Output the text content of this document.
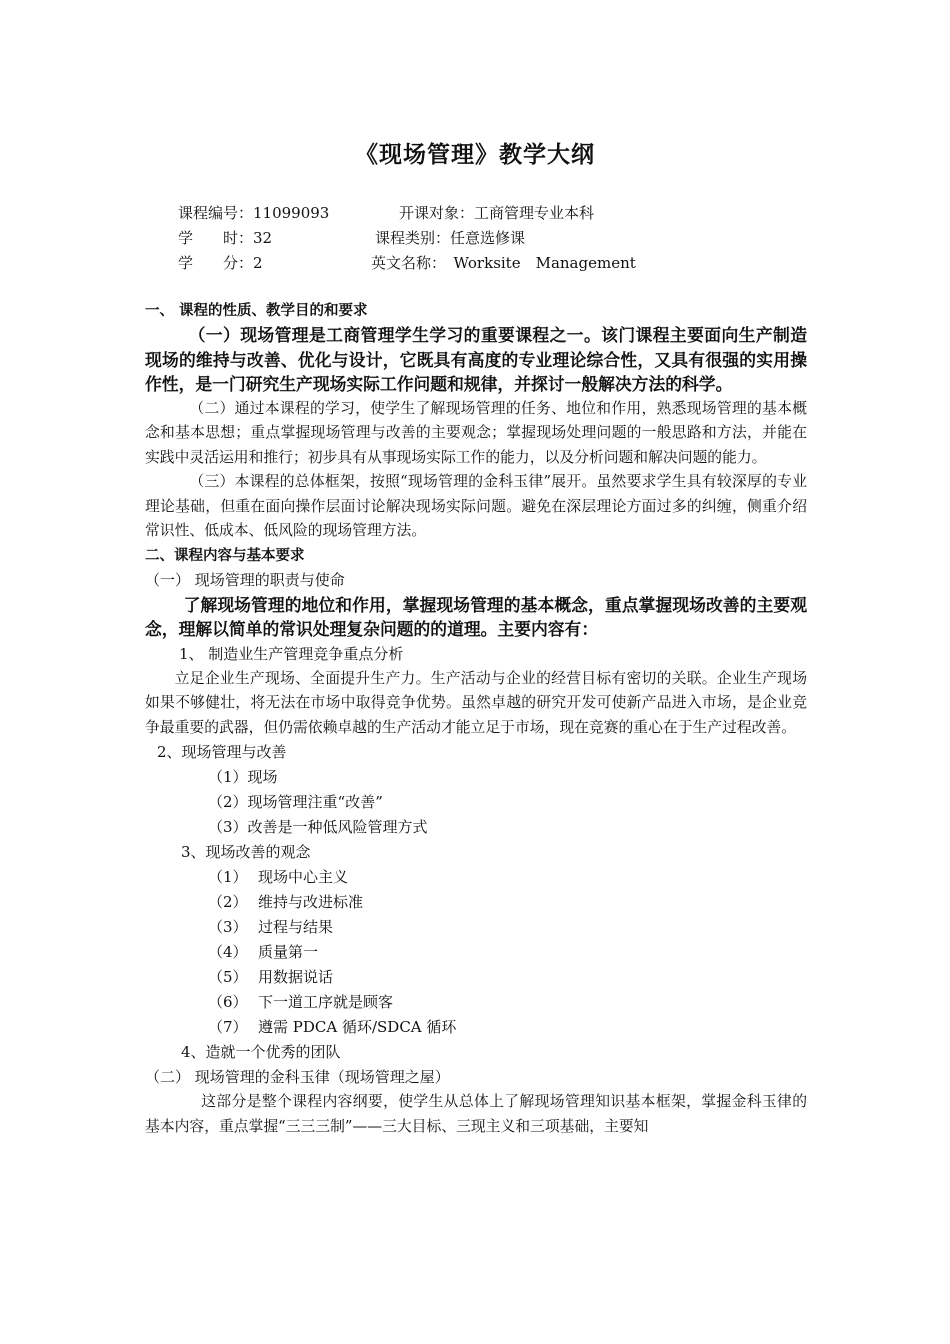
《现场管理》教学大纲
课程编号：11099093	开课对象：工商管理专业本科
学　　时：32	课程类别：任意选修课
学　　分：2	英文名称：　Worksite　Management
一、 课程的性质、教学目的和要求
（一）现场管理是工商管理学生学习的重要课程之一。该门课程主要面向生产制造现场的维持与改善、优化与设计，它既具有高度的专业理论综合性，又具有很强的实用操作性，是一门研究生产现场实际工作问题和规律，并探讨一般解决方法的科学。
（二）通过本课程的学习，使学生了解现场管理的任务、地位和作用，熟悉现场管理的基本概念和基本思想；重点掌握现场管理与改善的主要观念；掌握现场处理问题的一般思路和方法，并能在实践中灵活运用和推行；初步具有从事现场实际工作的能力，以及分析问题和解决问题的能力。
（三）本课程的总体框架，按照“现场管理的金科玉律”展开。虽然要求学生具有较深厚的专业理论基础，但重在面向操作层面讨论解决现场实际问题。避免在深层理论方面过多的纠缠，侧重介绍常识性、低成本、低风险的现场管理方法。
二、课程内容与基本要求
（一） 现场管理的职责与使命
了解现场管理的地位和作用，掌握现场管理的基本概念，重点掌握现场改善的主要观念，理解以简单的常识处理复杂问题的的道理。主要内容有：
1、 制造业生产管理竞争重点分析
立足企业生产现场、全面提升生产力。生产活动与企业的经营目标有密切的关联。企业生产现场如果不够健壮，将无法在市场中取得竞争优势。虽然卓越的研究开发可使新产品进入市场，是企业竞争最重要的武器，但仍需依赖卓越的生产活动才能立足于市场，现在竞赛的重心在于生产过程改善。
2、现场管理与改善
（1）现场
（2）现场管理注重“改善”
（3）改善是一种低风险管理方式
3、现场改善的观念
（1） 现场中心主义
（2） 维持与改进标准
（3） 过程与结果
（4） 质量第一
（5） 用数据说话
（6） 下一道工序就是顾客
（7） 遵需 PDCA 循环/SDCA 循环
4、造就一个优秀的团队
（二） 现场管理的金科玉律（现场管理之屋）
这部分是整个课程内容纲要，使学生从总体上了解现场管理知识基本框架，掌握金科玉律的基本内容，重点掌握“三三三制”——三大目标、三现主义和三项基础，主要知
